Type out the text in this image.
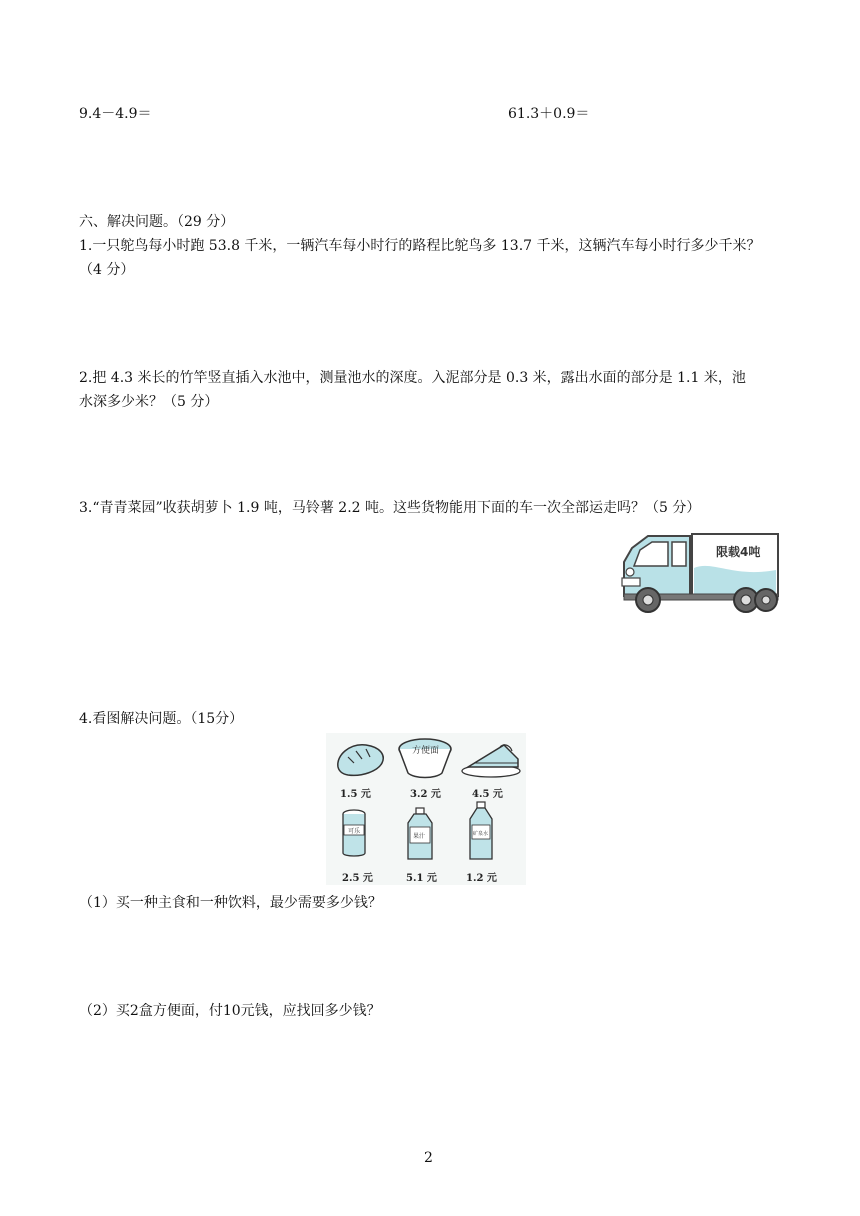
9.4－4.9＝	61.3＋0.9＝
六、解决问题。（29 分）
1.一只鸵鸟每小时跑 53.8 千米，一辆汽车每小时行的路程比鸵鸟多 13.7 千米，这辆汽车每小时行多少千米？
（4 分）
2.把 4.3 米长的竹竿竖直插入水池中，测量池水的深度。入泥部分是 0.3 米，露出水面的部分是 1.1 米，池
水深多少米？（5 分）
3.“青青菜园”收获胡萝卜 1.9 吨，马铃薯 2.2 吨。这些货物能用下面的车一次全部运走吗？（5 分）
限载4吨
4.看图解决问题。（15分）
方便面
1.5 元	3.2 元	4.5 元
可乐
果汁	矿泉水
2.5 元	5.1 元	1.2 元
（1）买一种主食和一种饮料，最少需要多少钱？
（2）买2盒方便面，付10元钱，应找回多少钱？
2
